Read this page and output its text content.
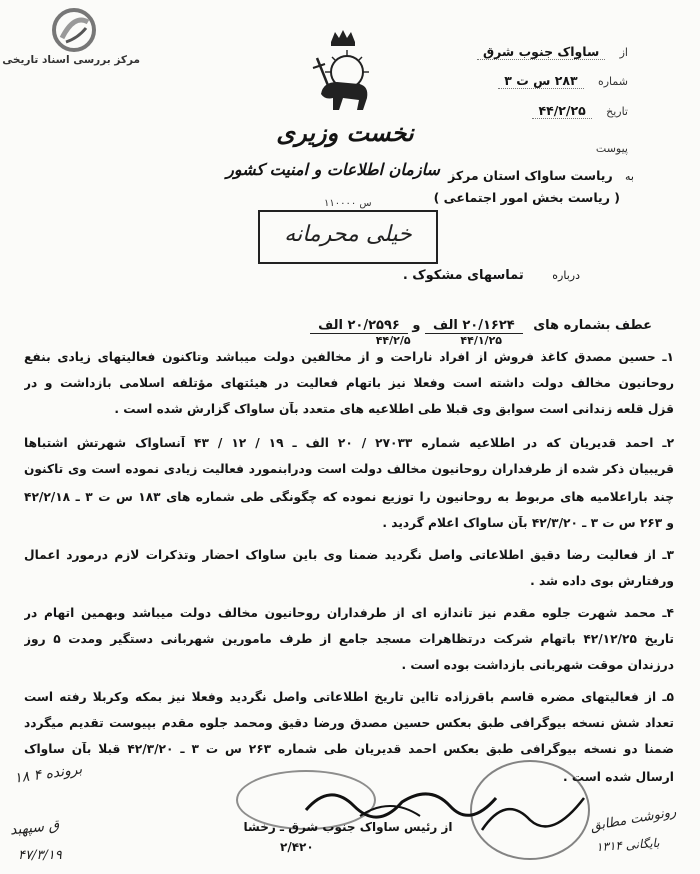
مرکز بررسی اسناد تاریخی
نخست وزیری
سازمان اطلاعات و امنیت کشور
از ساواک جنوب شرق
شماره ۲۸۳ س ت ۳
تاریخ ۴۴/۲/۲۵
پیوست
به ریاست ساواک استان مرکز
( ریاست بخش امور اجتماعی )
س ۱۱۰۰۰۰
خیلی محرمانه
درباره تماسهای مشکوک .
عطف بشماره های ۲۰/۱۶۲۴ الف و ۲۰/۲۵۹۶ الف
۴۴/۱/۲۵             ۴۴/۲/۵
۱ـ حسین مصدق کاغذ فروش از افراد ناراحت و از مخالفین دولت میباشد وتاکنون فعالیتهای زیادی بنفع
روحانیون مخالف دولت داشته است وفعلا نیز باتهام فعالیت در هیئتهای مؤتلفه اسلامی بازداشت و در
قزل قلعه زندانی است سوابق وی قبلا طی اطلاعیه های متعدد بآن ساواک گزارش شده است .
۲ـ احمد قدیریان که در اطلاعیه شماره ۲۷۰۳۳ / ۲۰ الف ـ ۱۹ / ۱۲ / ۴۳ آنساواک شهرتش اشتباها
قریبیان ذکر شده از طرفداران روحانیون مخالف دولت است ودرابنمورد فعالیت زیادی نموده است وی تاکنون
چند باراعلامیه های مربوط به روحانیون را توزیع نموده که چگونگی طی شماره های ۱۸۳ س ت ۳ ـ ۴۲/۲/۱۸
و ۲۶۳ س ت ۳ ـ ۴۲/۳/۲۰ بآن ساواک اعلام گردید .
۳ـ از فعالیت رضا دقیق اطلاعاتی واصل نگردید ضمنا وی باین ساواک احضار وتذکرات لازم درمورد اعمال
ورفتارش بوی داده شد .
۴ـ محمد شهرت جلوه مقدم نیز تاندازه ای از طرفداران روحانیون مخالف دولت میباشد وبهمین اتهام در
تاریخ ۴۲/۱۲/۲۵ باتهام شرکت درتظاهرات مسجد جامع از طرف مامورین شهربانی دستگیر ومدت ۵ روز
درزندان موقت شهربانی بازداشت بوده است .
۵ـ از فعالیتهای مضره قاسم باقرزاده تااین تاریخ اطلاعاتی واصل نگردید وفعلا نیز بمکه وکربلا رفته است
تعداد شش نسخه بیوگرافی طبق بعکس حسین مصدق ورضا دقیق ومحمد جلوه مقدم بپیوست تقدیم میگردد
ضمنا دو نسخه بیوگرافی طبق بعکس احمد قدیریان طی شماره ۲۶۳ س ت ۳ ـ ۴۲/۳/۲۰ قبلا بآن ساواک
ارسال شده است .
از رئیس ساواک جنوب شرق ـ رخشا
۲/۴۲۰
برونده ۴ ۱۸
ق سپهبد
۴۷/۳/۱۹
رونوشت مطابق
بایگانی ۱۳۱۴
